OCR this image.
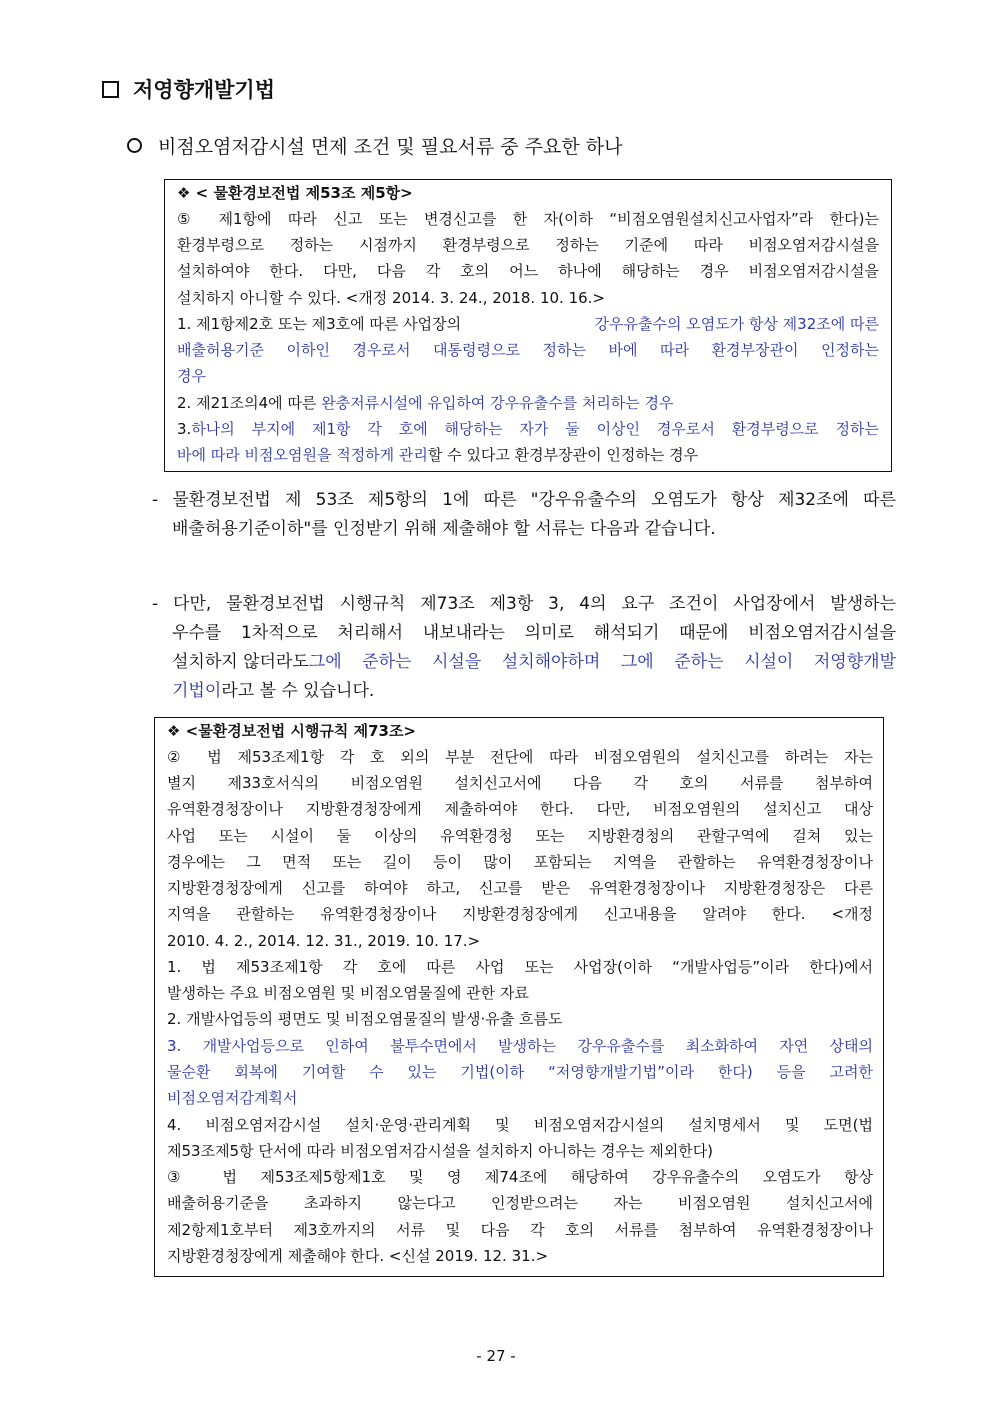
저영향개발기법
비점오염저감시설 면제 조건 및 필요서류 중 주요한 하나
❖ < 물환경보전법 제53조 제5항>
⑤ 제1항에 따라 신고 또는 변경신고를 한 자(이하 “비점오염원설치신고사업자”라 한다)는
환경부령으로 정하는 시점까지 환경부령으로 정하는 기준에 따라 비점오염저감시설을
설치하여야 한다. 다만, 다음 각 호의 어느 하나에 해당하는 경우 비점오염저감시설을
설치하지 아니할 수 있다. <개정 2014. 3. 24., 2018. 10. 16.>
1. 제1항제2호 또는 제3호에 따른 사업장의	강우유출수의 오염도가 항상 제32조에 따른
배출허용기준 이하인 경우로서 대통령령으로 정하는 바에 따라 환경부장관이 인정하는
경우
2. 제21조의4에 따른 완충저류시설에 유입하여 강우유출수를 처리하는 경우
3. 하나의 부지에 제1항 각 호에 해당하는 자가 둘 이상인 경우로서 환경부령으로 정하는
바에 따라 비점오염원을 적정하게 관리할 수 있다고 환경부장관이 인정하는 경우
- 물환경보전법 제 53조 제5항의 1에 따른 "강우유출수의 오염도가 항상 제32조에 따른
배출허용기준이하"를 인정받기 위해 제출해야 할 서류는 다음과 같습니다.
- 다만, 물환경보전법 시행규칙 제73조 제3항 3, 4의 요구 조건이 사업장에서 발생하는
우수를 1차적으로 처리해서 내보내라는 의미로 해석되기 때문에 비점오염저감시설을
설치하지 않더라도 그에 준하는 시설을 설치해야하며 그에 준하는 시설이 저영향개발
기법이라고 볼 수 있습니다.
❖ <물환경보전법 시행규칙 제73조>
② 법 제53조제1항 각 호 외의 부분 전단에 따라 비점오염원의 설치신고를 하려는 자는
별지 제33호서식의 비점오염원 설치신고서에 다음 각 호의 서류를 첨부하여
유역환경청장이나 지방환경청장에게 제출하여야 한다. 다만, 비점오염원의 설치신고 대상
사업 또는 시설이 둘 이상의 유역환경청 또는 지방환경청의 관할구역에 걸쳐 있는
경우에는 그 면적 또는 길이 등이 많이 포함되는 지역을 관할하는 유역환경청장이나
지방환경청장에게 신고를 하여야 하고, 신고를 받은 유역환경청장이나 지방환경청장은 다른
지역을 관할하는 유역환경청장이나 지방환경청장에게 신고내용을 알려야 한다. <개정
2010. 4. 2., 2014. 12. 31., 2019. 10. 17.>
1. 법 제53조제1항 각 호에 따른 사업 또는 사업장(이하 “개발사업등”이라 한다)에서
발생하는 주요 비점오염원 및 비점오염물질에 관한 자료
2. 개발사업등의 평면도 및 비점오염물질의 발생·유출 흐름도
3. 개발사업등으로 인하여 불투수면에서 발생하는 강우유출수를 최소화하여 자연 상태의
물순환 회복에 기여할 수 있는 기법(이하 “저영향개발기법”이라 한다) 등을 고려한
비점오염저감계획서
4. 비점오염저감시설 설치·운영·관리계획 및 비점오염저감시설의 설치명세서 및 도면(법
제53조제5항 단서에 따라 비점오염저감시설을 설치하지 아니하는 경우는 제외한다)
③ 법 제53조제5항제1호 및 영 제74조에 해당하여 강우유출수의 오염도가 항상
배출허용기준을 초과하지 않는다고 인정받으려는 자는 비점오염원 설치신고서에
제2항제1호부터 제3호까지의 서류 및 다음 각 호의 서류를 첨부하여 유역환경청장이나
지방환경청장에게 제출해야 한다. <신설 2019. 12. 31.>
- 27 -
